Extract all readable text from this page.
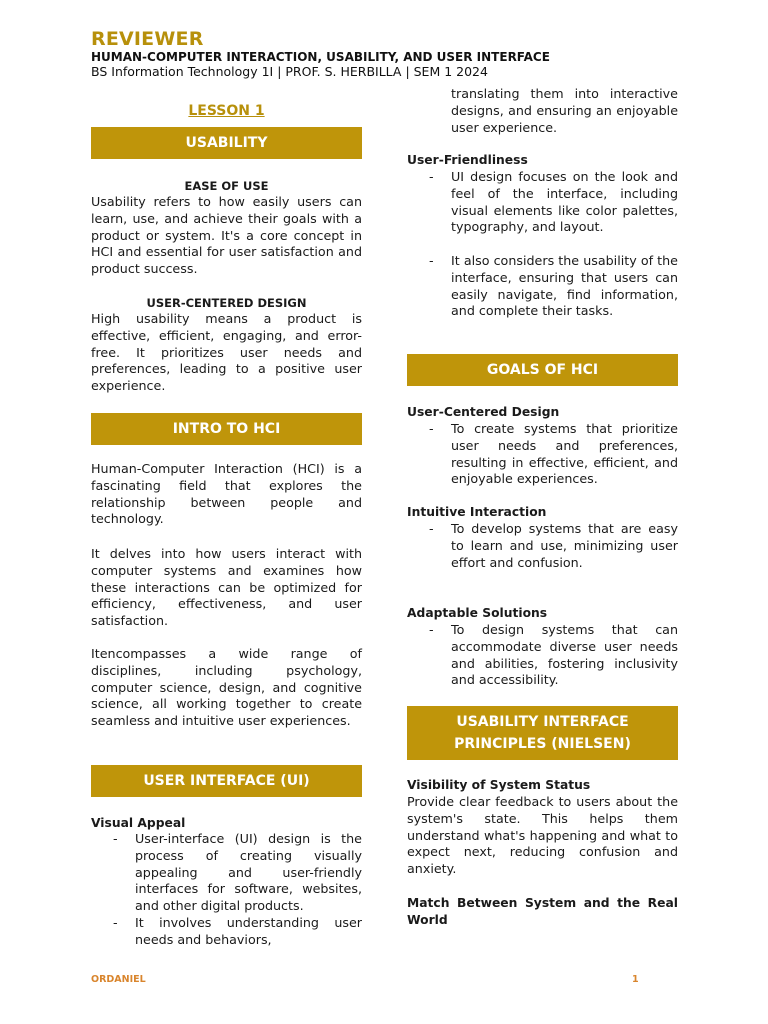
REVIEWER
HUMAN-COMPUTER INTERACTION, USABILITY, AND USER INTERFACE
BS Information Technology 1I | PROF. S. HERBILLA | SEM 1 2024
LESSON 1
USABILITY
EASE OF USE
Usability refers to how easily users can learn, use, and achieve their goals with a product or system. It's a core concept in HCI and essential for user satisfaction and product success.
USER-CENTERED DESIGN
High usability means a product is effective, efficient, engaging, and error-free. It prioritizes user needs and preferences, leading to a positive user experience.
INTRO TO HCI
Human-Computer Interaction (HCI) is a fascinating field that explores the relationship between people and technology.
It delves into how users interact with computer systems and examines how these interactions can be optimized for efficiency, effectiveness, and user satisfaction.
Itencompasses a wide range of disciplines, including psychology, computer science, design, and cognitive science, all working together to create seamless and intuitive user experiences.
USER INTERFACE (UI)
Visual Appeal
-	User-interface (UI) design is the process of creating visually appealing and user-friendly interfaces for software, websites, and other digital products.
-	It involves understanding user needs and behaviors,
translating them into interactive designs, and ensuring an enjoyable user experience.
User-Friendliness
-	UI design focuses on the look and feel of the interface, including visual elements like color palettes, typography, and layout.
-	It also considers the usability of the interface, ensuring that users can easily navigate, find information, and complete their tasks.
GOALS OF HCI
User-Centered Design
-	To create systems that prioritize user needs and preferences, resulting in effective, efficient, and enjoyable experiences.
Intuitive Interaction
-	To develop systems that are easy to learn and use, minimizing user effort and confusion.
Adaptable Solutions
-	To design systems that can accommodate diverse user needs and abilities, fostering inclusivity and accessibility.
USABILITY INTERFACE
PRINCIPLES (NIELSEN)
Visibility of System Status
Provide clear feedback to users about the system's state. This helps them understand what's happening and what to expect next, reducing confusion and anxiety.
Match Between System and the Real World
ORDANIEL	1
